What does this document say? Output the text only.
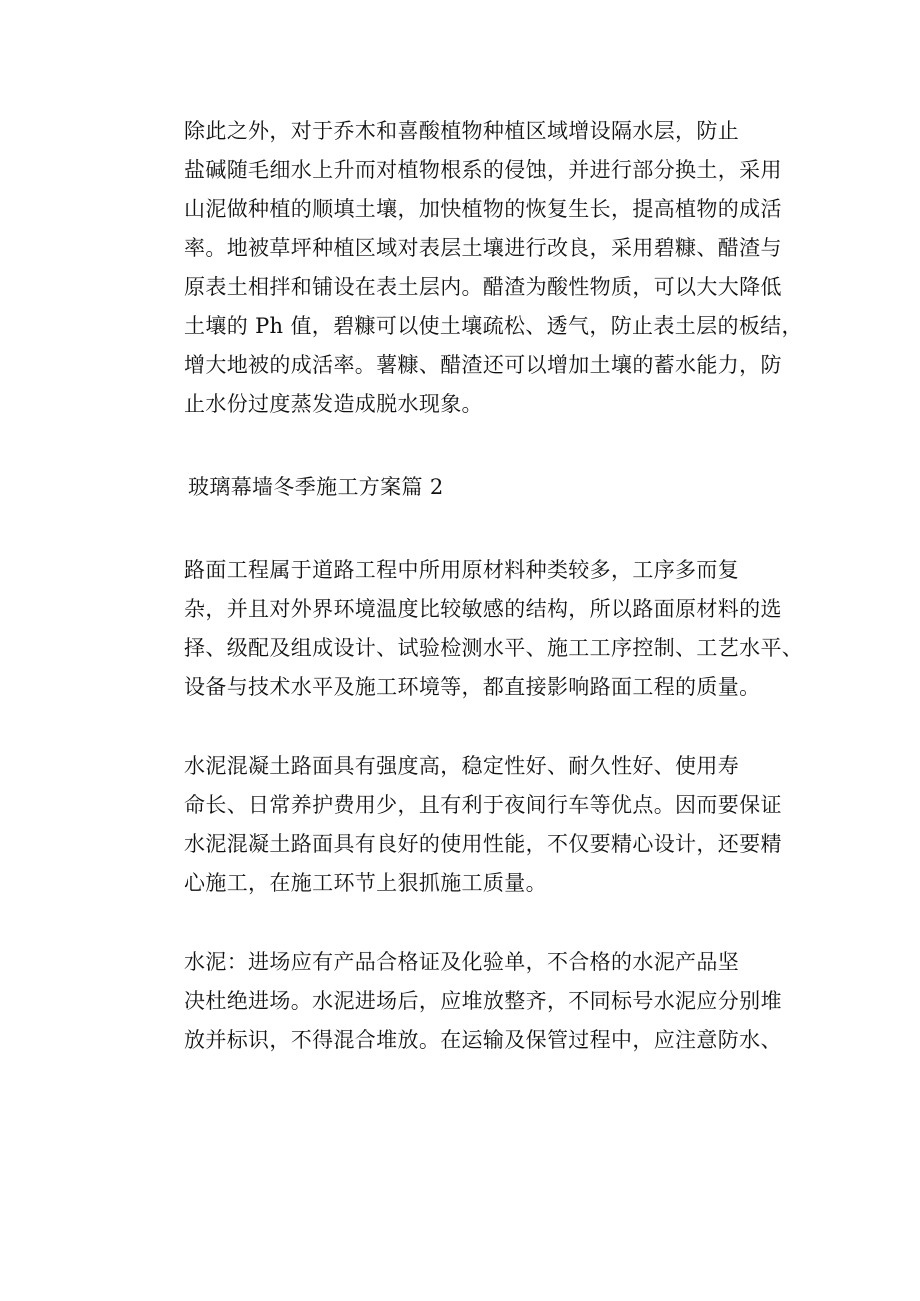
除此之外，对于乔木和喜酸植物种植区域增设隔水层，防止
盐碱随毛细水上升而对植物根系的侵蚀，并进行部分换土，采用
山泥做种植的顺填土壤，加快植物的恢复生长，提高植物的成活
率。地被草坪种植区域对表层土壤进行改良，采用碧糠、醋渣与
原表土相拌和铺设在表土层内。醋渣为酸性物质，可以大大降低
土壤的 Ph 值，碧糠可以使土壤疏松、透气，防止表土层的板结，
增大地被的成活率。薯糠、醋渣还可以增加土壤的蓄水能力，防
止水份过度蒸发造成脱水现象。
玻璃幕墙冬季施工方案篇 2
路面工程属于道路工程中所用原材料种类较多，工序多而复
杂，并且对外界环境温度比较敏感的结构，所以路面原材料的选
择、级配及组成设计、试验检测水平、施工工序控制、工艺水平、
设备与技术水平及施工环境等，都直接影响路面工程的质量。
水泥混凝土路面具有强度高，稳定性好、耐久性好、使用寿
命长、日常养护费用少，且有利于夜间行车等优点。因而要保证
水泥混凝土路面具有良好的使用性能，不仅要精心设计，还要精
心施工，在施工环节上狠抓施工质量。
水泥：进场应有产品合格证及化验单，不合格的水泥产品坚
决杜绝进场。水泥进场后，应堆放整齐，不同标号水泥应分别堆
放并标识，不得混合堆放。在运输及保管过程中，应注意防水、
